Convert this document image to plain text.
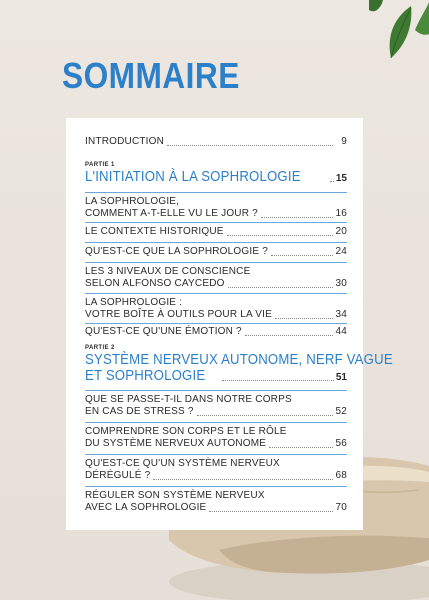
SOMMAIRE
INTRODUCTION	9
PARTIE 1
L'INITIATION À LA SOPHROLOGIE	15
LA SOPHROLOGIE,
COMMENT A-T-ELLE VU LE JOUR ?	16
LE CONTEXTE HISTORIQUE	20
QU'EST-CE QUE LA SOPHROLOGIE ?	24
LES 3 NIVEAUX DE CONSCIENCE
SELON ALFONSO CAYCEDO	30
LA SOPHROLOGIE :
VOTRE BOÎTE À OUTILS POUR LA VIE	34
QU'EST-CE QU'UNE ÉMOTION ?	44
PARTIE 2
SYSTÈME NERVEUX AUTONOME, NERF VAGUE
ET SOPHROLOGIE	51
QUE SE PASSE-T-IL DANS NOTRE CORPS
EN CAS DE STRESS ?	52
COMPRENDRE SON CORPS ET LE RÔLE
DU SYSTÈME NERVEUX AUTONOME	56
QU'EST-CE QU'UN SYSTÈME NERVEUX
DÉRÉGULÉ ?	68
RÉGULER SON SYSTÈME NERVEUX
AVEC LA SOPHROLOGIE	70
